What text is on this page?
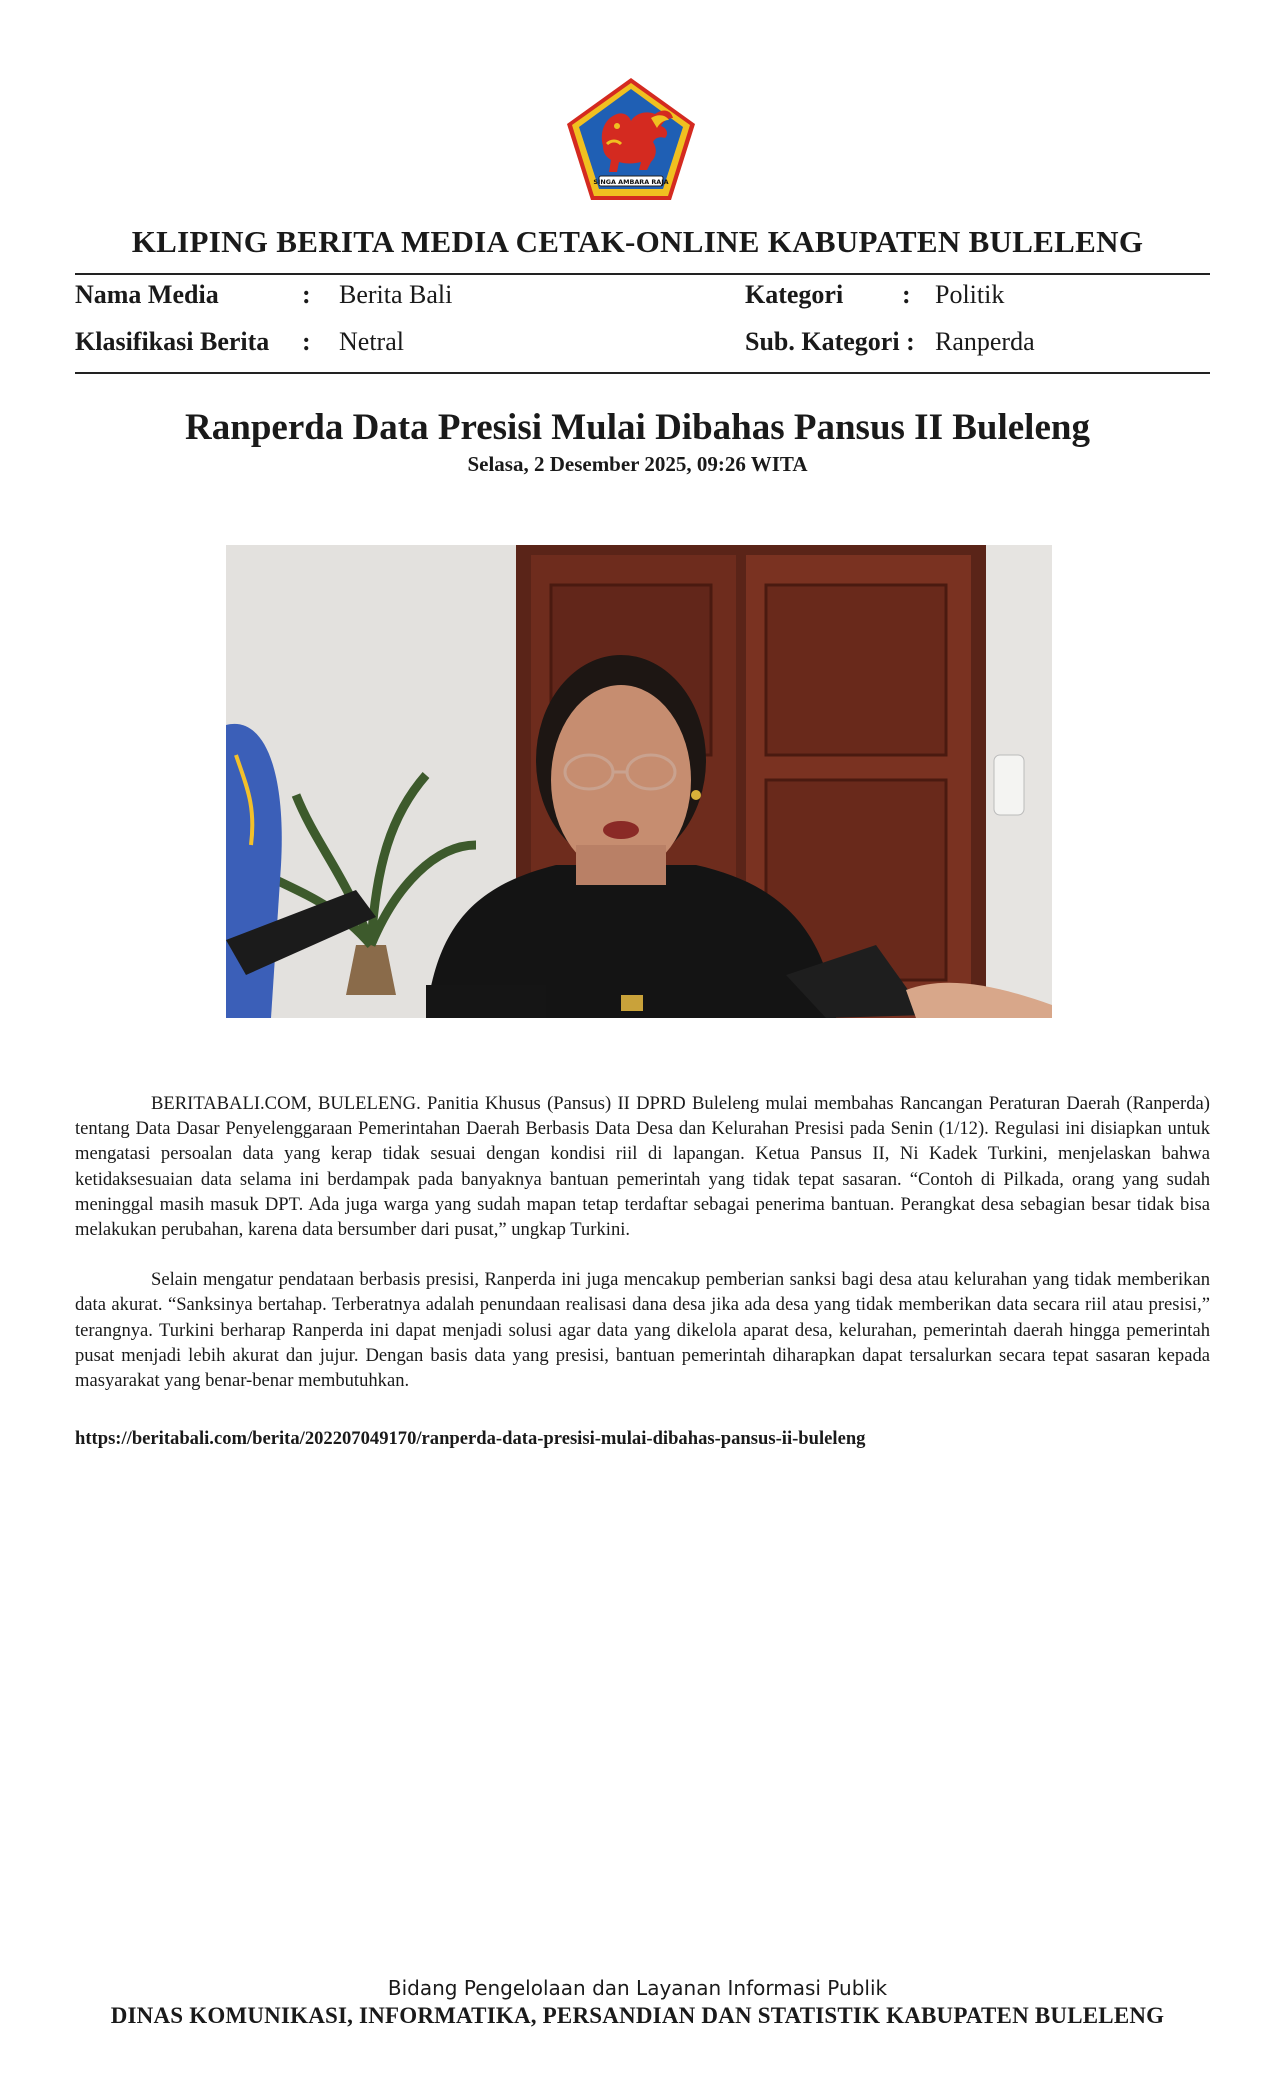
SINGA AMBARA RAJA
KLIPING BERITA MEDIA CETAK-ONLINE KABUPATEN BULELENG
Nama Media	: Berita Bali	Kategori : Politik
Klasifikasi Berita : Netral	Sub. Kategori : Ranperda
Ranperda Data Presisi Mulai Dibahas Pansus II Buleleng
Selasa, 2 Desember 2025, 09:26 WITA

BERITABALI.COM, BULELENG. Panitia Khusus (Pansus) II DPRD Buleleng mulai membahas Rancangan Peraturan Daerah (Ranperda) tentang Data Dasar Penyelenggaraan Pemerintahan Daerah Berbasis Data Desa dan Kelurahan Presisi pada Senin (1/12). Regulasi ini disiapkan untuk mengatasi persoalan data yang kerap tidak sesuai dengan kondisi riil di lapangan. Ketua Pansus II, Ni Kadek Turkini, menjelaskan bahwa ketidaksesuaian data selama ini berdampak pada banyaknya bantuan pemerintah yang tidak tepat sasaran. “Contoh di Pilkada, orang yang sudah meninggal masih masuk DPT. Ada juga warga yang sudah mapan tetap terdaftar sebagai penerima bantuan. Perangkat desa sebagian besar tidak bisa melakukan perubahan, karena data bersumber dari pusat,” ungkap Turkini.

Selain mengatur pendataan berbasis presisi, Ranperda ini juga mencakup pemberian sanksi bagi desa atau kelurahan yang tidak memberikan data akurat. “Sanksinya bertahap. Terberatnya adalah penundaan realisasi dana desa jika ada desa yang tidak memberikan data secara riil atau presisi,” terangnya. Turkini berharap Ranperda ini dapat menjadi solusi agar data yang dikelola aparat desa, kelurahan, pemerintah daerah hingga pemerintah pusat menjadi lebih akurat dan jujur. Dengan basis data yang presisi, bantuan pemerintah diharapkan dapat tersalurkan secara tepat sasaran kepada masyarakat yang benar-benar membutuhkan.

https://beritabali.com/berita/202207049170/ranperda-data-presisi-mulai-dibahas-pansus-ii-buleleng
Bidang Pengelolaan dan Layanan Informasi Publik
DINAS KOMUNIKASI, INFORMATIKA, PERSANDIAN DAN STATISTIK KABUPATEN BULELENG
